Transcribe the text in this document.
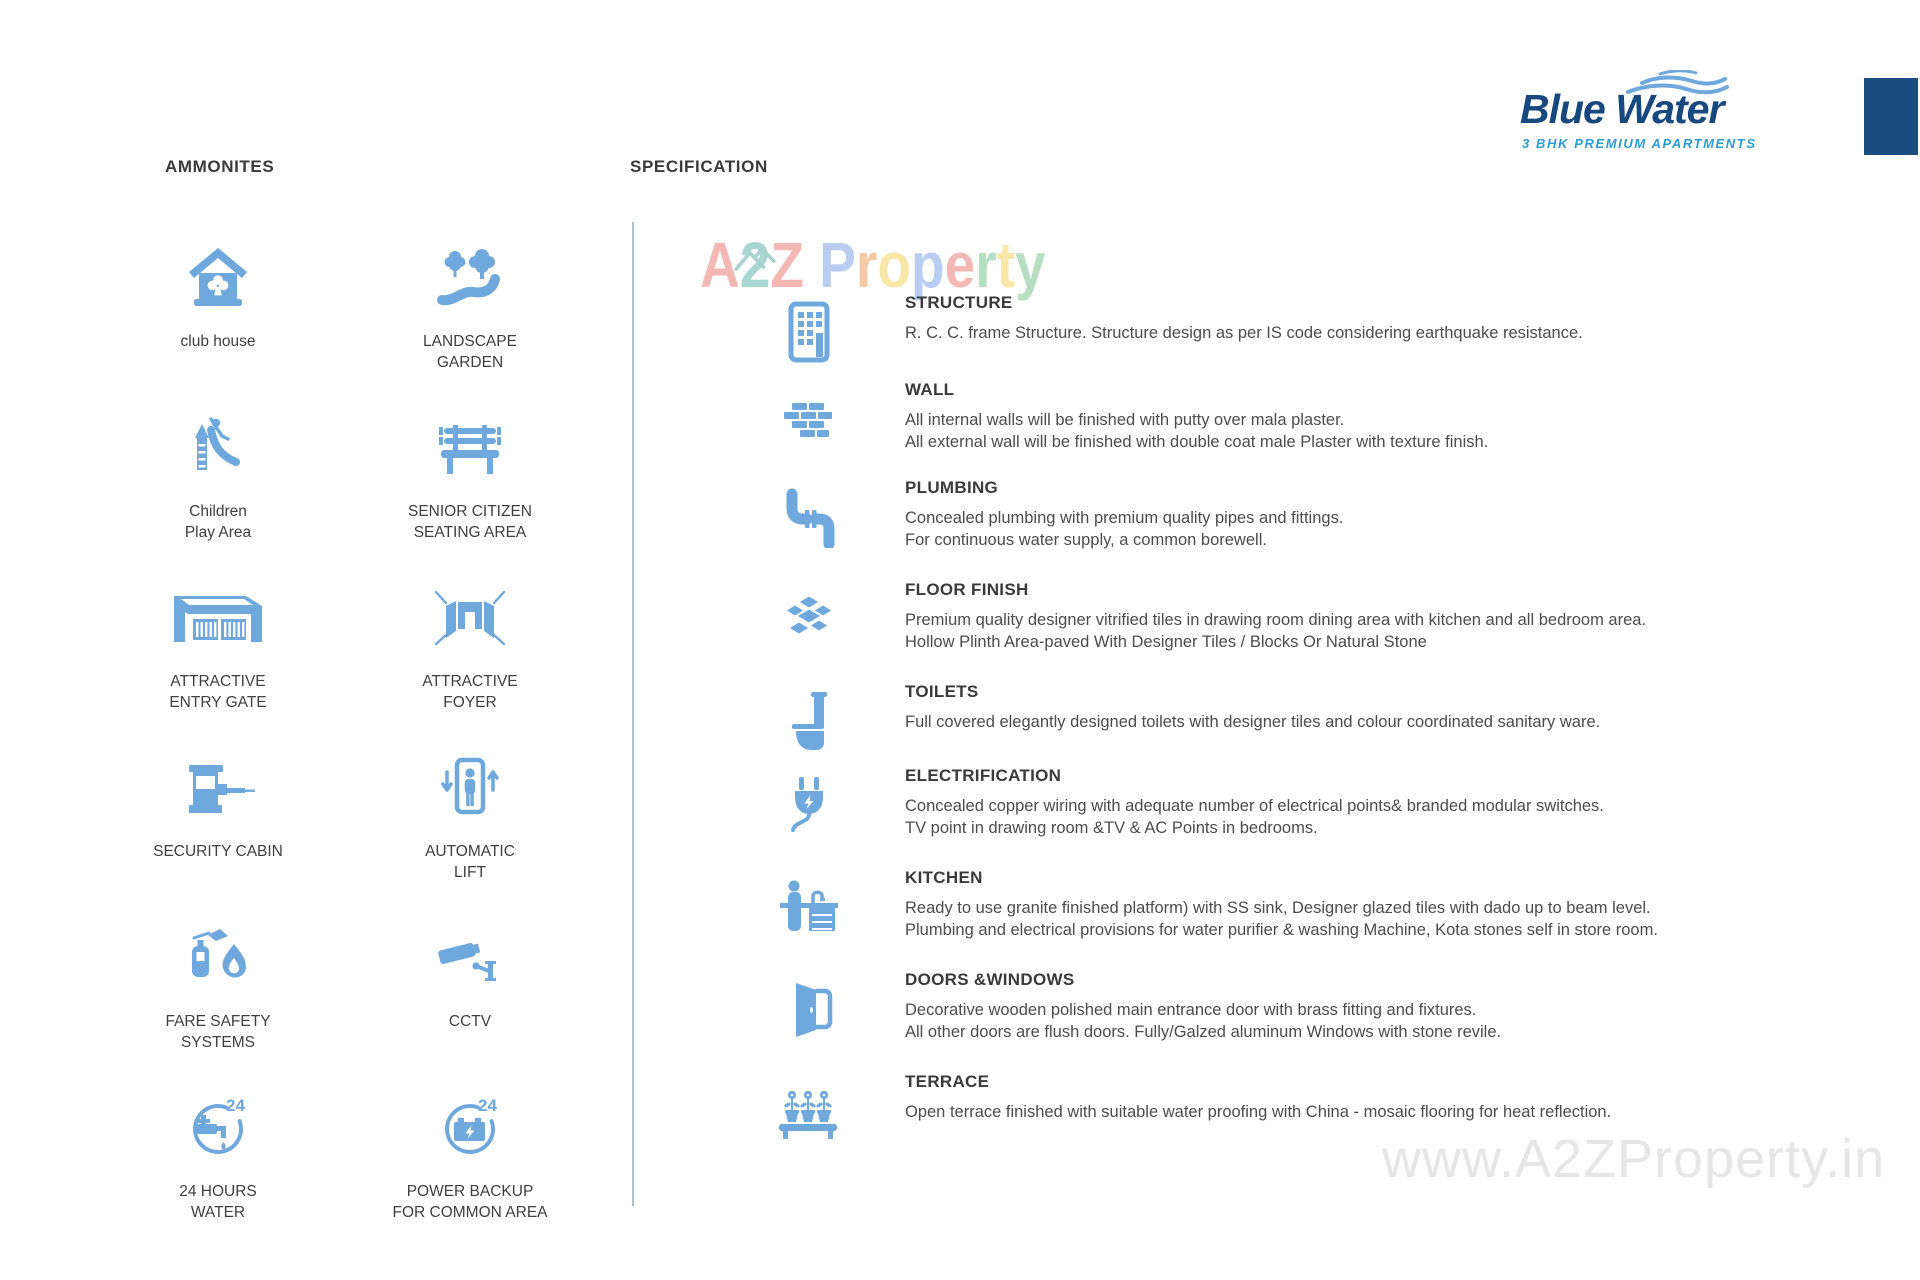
Blue Water
3 BHK PREMIUM APARTMENTS
AMMONITES	SPECIFICATION
A2Z Property
www.A2ZProperty.in
club house	LANDSCAPE
GARDEN
Children
Play Area
SENIOR CITIZEN
SEATING AREA
ATTRACTIVE
ENTRY GATE
ATTRACTIVE
FOYER
SECURITY CABIN	AUTOMATIC
LIFT
FARE SAFETY
SYSTEMS
CCTV
24
24 HOURS
WATER
24
POWER BACKUP
FOR COMMON AREA
STRUCTURE
R. C. C. frame Structure. Structure design as per IS code considering earthquake resistance.
WALL
All internal walls will be finished with putty over mala plaster.
All external wall will be finished with double coat male Plaster with texture finish.
PLUMBING
Concealed plumbing with premium quality pipes and fittings.
For continuous water supply, a common borewell.
FLOOR FINISH
Premium quality designer vitrified tiles in drawing room dining area with kitchen and all bedroom area.
Hollow Plinth Area-paved With Designer Tiles / Blocks Or Natural Stone
TOILETS
Full covered elegantly designed toilets with designer tiles and colour coordinated sanitary ware.
ELECTRIFICATION
Concealed copper wiring with adequate number of electrical points& branded modular switches.
TV point in drawing room &TV & AC Points in bedrooms.
KITCHEN
Ready to use granite finished platform) with SS sink, Designer glazed tiles with dado up to beam level.
Plumbing and electrical provisions for water purifier & washing Machine, Kota stones self in store room.
DOORS &WINDOWS
Decorative wooden polished main entrance door with brass fitting and fixtures.
All other doors are flush doors. Fully/Galzed aluminum Windows with stone revile.
TERRACE
Open terrace finished with suitable water proofing with China - mosaic flooring for heat reflection.
